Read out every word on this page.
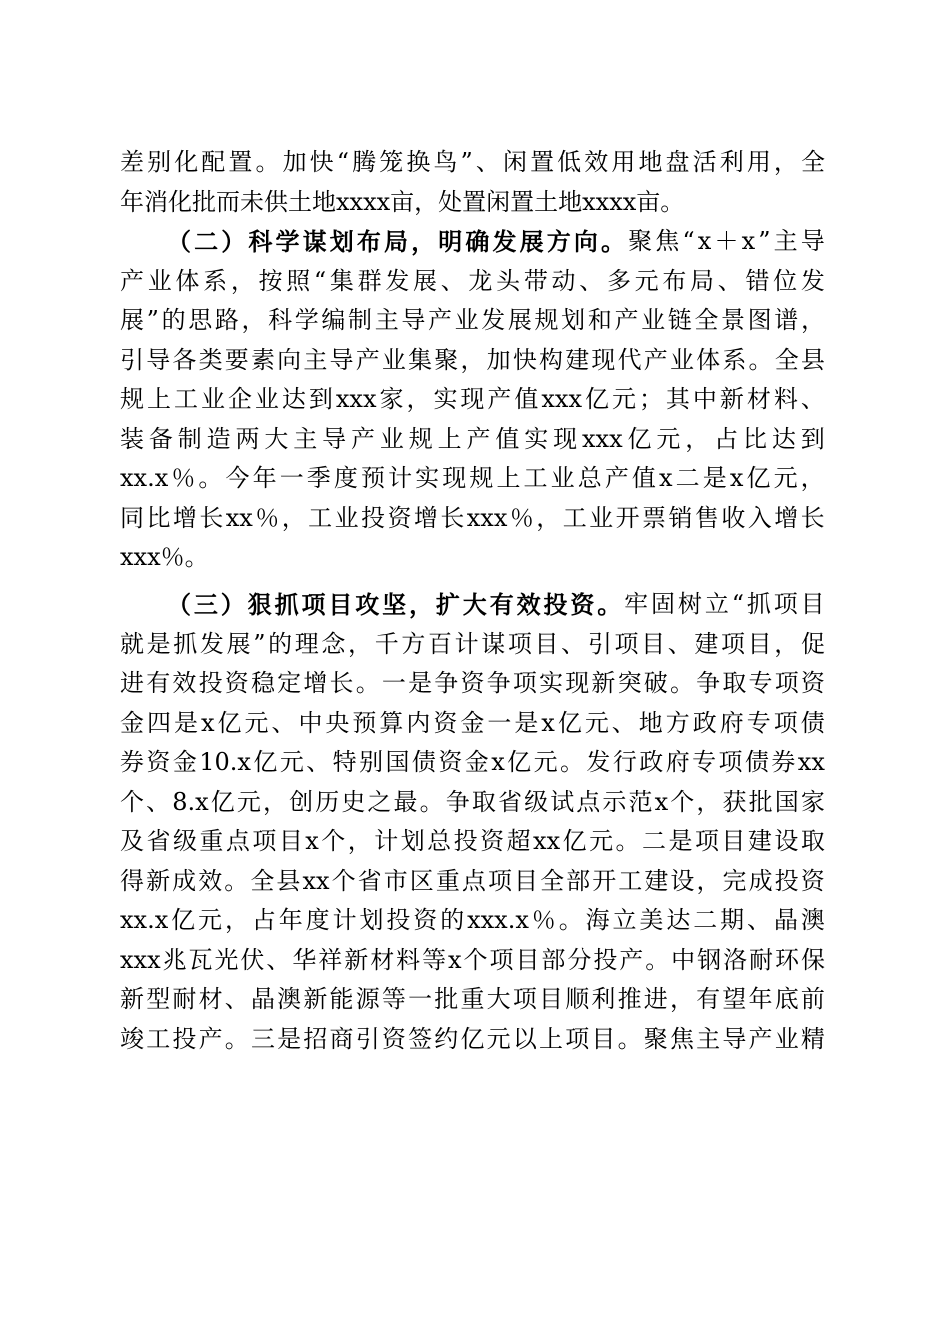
差 别 化 配 置 。 加 快 “ 腾 笼 换 鸟 ” 、 闲 置 低 效 用 地 盘 活 利 用 ， 全
年消化批而未供土地xxxx亩，处置闲置土地xxxx亩。
（ 二 ） 科 学 谋 划 布 局 ， 明 确 发 展 方 向 。 聚 焦 “ x ＋ x ” 主 导
产 业 体 系 ， 按 照 “ 集 群 发 展 、 龙 头 带 动 、 多 元 布 局 、 错 位 发
展 ” 的 思 路 ， 科 学 编 制 主 导 产 业 发 展 规 划 和 产 业 链 全 景 图 谱 ，
引 导 各 类 要 素 向 主 导 产 业 集 聚 ， 加 快 构 建 现 代 产 业 体 系 。 全 县
规 上 工 业 企 业 达 到 xxx 家 ， 实 现 产 值 xxx 亿 元 ； 其 中 新 材 料 、
装 备 制 造 两 大 主 导 产 业 规 上 产 值 实 现 xxx 亿 元 ， 占 比 达 到
xx.x ％ 。 今 年 一 季 度 预 计 实 现 规 上 工 业 总 产 值 x 二 是 x 亿 元 ，
同 比 增 长 xx ％ ， 工 业 投 资 增 长 xxx ％ ， 工 业 开 票 销 售 收 入 增 长
xxx％。
（ 三 ） 狠 抓 项 目 攻 坚 ， 扩 大 有 效 投 资 。 牢 固 树 立 “ 抓 项 目
就 是 抓 发 展 ” 的 理 念 ， 千 方 百 计 谋 项 目 、 引 项 目 、 建 项 目 ， 促
进 有 效 投 资 稳 定 增 长 。 一 是 争 资 争 项 实 现 新 突 破 。 争 取 专 项 资
金 四 是 x 亿 元 、 中 央 预 算 内 资 金 一 是 x 亿 元 、 地 方 政 府 专 项 债
券 资 金 10.x 亿 元 、 特 别 国 债 资 金 x 亿 元 。 发 行 政 府 专 项 债 券 xx
个 、 8.x 亿 元 ， 创 历 史 之 最 。 争 取 省 级 试 点 示 范 x 个 ， 获 批 国 家
及 省 级 重 点 项 目 x 个 ， 计 划 总 投 资 超 xx 亿 元 。 二 是 项 目 建 设 取
得 新 成 效 。 全 县 xx 个 省 市 区 重 点 项 目 全 部 开 工 建 设 ， 完 成 投 资
xx.x 亿 元 ， 占 年 度 计 划 投 资 的 xxx.x ％ 。 海 立 美 达 二 期 、 晶 澳
xxx 兆 瓦 光 伏 、 华 祥 新 材 料 等 x 个 项 目 部 分 投 产 。 中 钢 洛 耐 环 保
新 型 耐 材 、 晶 澳 新 能 源 等 一 批 重 大 项 目 顺 利 推 进 ， 有 望 年 底 前
竣 工 投 产 。 三 是 招 商 引 资 签 约 亿 元 以 上 项 目 。 聚 焦 主 导 产 业 精
